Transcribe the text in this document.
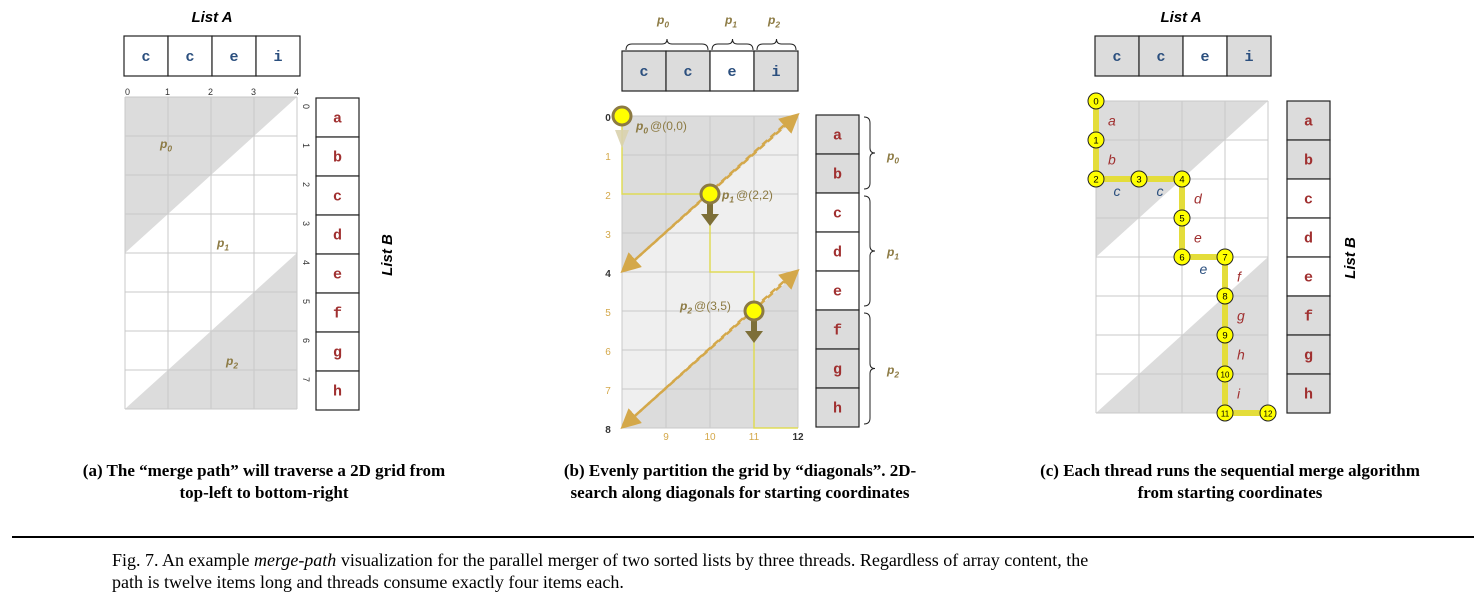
List A
c c e i
0	1	2	3	4
0
1
2
3
4
5
6
7
$p_0$
$p_1$
$p_2$
a
b
c
d
e
f
g
h
List B
$p_0$	$p_1$	$p_2$
c c e i
0
1
2
3
4
5
6
7
8
9	10	11	12
$p_0$ @(0,0)
$p_1$ @(2,2)
$p_2$ @(3,5)
a
b
c
d
e
f
g
h
$p_0$
$p_1$
$p_2$
List A
c c e i
a
b
c	c d
e
e f
g
h
i
0
1
2	3	4
5
6	7
8
9
10
11	12
a
b
c
d
e
f
g
h
List B
(a) The “merge path” will traverse a 2D grid from
top-left to bottom-right
(b) Evenly partition the grid by “diagonals”. 2D-
search along diagonals for starting coordinates
(c) Each thread runs the sequential merge algorithm
from starting coordinates
Fig. 7. An example merge-path visualization for the parallel merger of two sorted lists by three threads. Regardless of array content, the
path is twelve items long and threads consume exactly four items each.
